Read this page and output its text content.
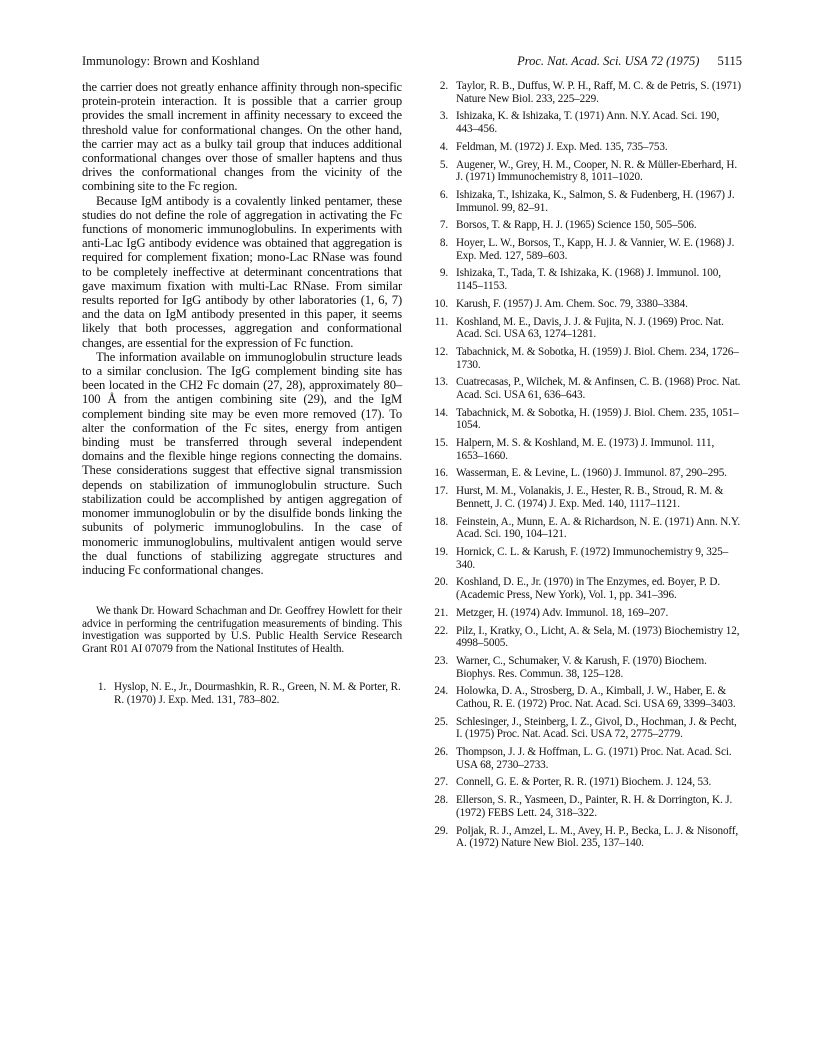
Immunology: Brown and Koshland	Proc. Nat. Acad. Sci. USA 72 (1975) 5115

the carrier does not greatly enhance affinity through non-specific protein-protein interaction. It is possible that a carrier group provides the small increment in affinity necessary to exceed the threshold value for conformational changes. On the other hand, the carrier may act as a bulky tail group that induces additional conformational changes over those of smaller haptens and thus drives the conformational changes from the vicinity of the combining site to the Fc region.

Because IgM antibody is a covalently linked pentamer, these studies do not define the role of aggregation in activating the Fc functions of monomeric immunoglobulins. In experiments with anti-Lac IgG antibody evidence was obtained that aggregation is required for complement fixation; mono-Lac RNase was found to be completely ineffective at determinant concentrations that gave maximum fixation with multi-Lac RNase. From similar results reported for IgG antibody by other laboratories (1, 6, 7) and the data on IgM antibody presented in this paper, it seems likely that both processes, aggregation and conformational changes, are essential for the expression of Fc function.

The information available on immunoglobulin structure leads to a similar conclusion. The IgG complement binding site has been located in the CH2 Fc domain (27, 28), approximately 80–100 Å from the antigen combining site (29), and the IgM complement binding site may be even more removed (17). To alter the conformation of the Fc sites, energy from antigen binding must be transferred through several independent domains and the flexible hinge regions connecting the domains. These considerations suggest that effective signal transmission depends on stabilization of immunoglobulin structure. Such stabilization could be accomplished by antigen aggregation of monomer immunoglobulin or by the disulfide bonds linking the subunits of polymeric immunoglobulins. In the case of monomeric immunoglobulins, multivalent antigen would serve the dual functions of stabilizing aggregate structures and inducing Fc conformational changes.

We thank Dr. Howard Schachman and Dr. Geoffrey Howlett for their advice in performing the centrifugation measurements of binding. This investigation was supported by U.S. Public Health Service Research Grant R01 AI 07079 from the National Institutes of Health.

1. Hyslop, N. E., Jr., Dourmashkin, R. R., Green, N. M. & Porter, R. R. (1970) J. Exp. Med. 131, 783–802.
2. Taylor, R. B., Duffus, W. P. H., Raff, M. C. & de Petris, S. (1971) Nature New Biol. 233, 225–229.
3. Ishizaka, K. & Ishizaka, T. (1971) Ann. N.Y. Acad. Sci. 190, 443–456.
4. Feldman, M. (1972) J. Exp. Med. 135, 735–753.
5. Augener, W., Grey, H. M., Cooper, N. R. & Müller-Eberhard, H. J. (1971) Immunochemistry 8, 1011–1020.
6. Ishizaka, T., Ishizaka, K., Salmon, S. & Fudenberg, H. (1967) J. Immunol. 99, 82–91.
7. Borsos, T. & Rapp, H. J. (1965) Science 150, 505–506.
8. Hoyer, L. W., Borsos, T., Kapp, H. J. & Vannier, W. E. (1968) J. Exp. Med. 127, 589–603.
9. Ishizaka, T., Tada, T. & Ishizaka, K. (1968) J. Immunol. 100, 1145–1153.
10. Karush, F. (1957) J. Am. Chem. Soc. 79, 3380–3384.
11. Koshland, M. E., Davis, J. J. & Fujita, N. J. (1969) Proc. Nat. Acad. Sci. USA 63, 1274–1281.
12. Tabachnick, M. & Sobotka, H. (1959) J. Biol. Chem. 234, 1726–1730.
13. Cuatrecasas, P., Wilchek, M. & Anfinsen, C. B. (1968) Proc. Nat. Acad. Sci. USA 61, 636–643.
14. Tabachnick, M. & Sobotka, H. (1959) J. Biol. Chem. 235, 1051–1054.
15. Halpern, M. S. & Koshland, M. E. (1973) J. Immunol. 111, 1653–1660.
16. Wasserman, E. & Levine, L. (1960) J. Immunol. 87, 290–295.
17. Hurst, M. M., Volanakis, J. E., Hester, R. B., Stroud, R. M. & Bennett, J. C. (1974) J. Exp. Med. 140, 1117–1121.
18. Feinstein, A., Munn, E. A. & Richardson, N. E. (1971) Ann. N.Y. Acad. Sci. 190, 104–121.
19. Hornick, C. L. & Karush, F. (1972) Immunochemistry 9, 325–340.
20. Koshland, D. E., Jr. (1970) in The Enzymes, ed. Boyer, P. D. (Academic Press, New York), Vol. 1, pp. 341–396.
21. Metzger, H. (1974) Adv. Immunol. 18, 169–207.
22. Pilz, I., Kratky, O., Licht, A. & Sela, M. (1973) Biochemistry 12, 4998–5005.
23. Warner, C., Schumaker, V. & Karush, F. (1970) Biochem. Biophys. Res. Commun. 38, 125–128.
24. Holowka, D. A., Strosberg, D. A., Kimball, J. W., Haber, E. & Cathou, R. E. (1972) Proc. Nat. Acad. Sci. USA 69, 3399–3403.
25. Schlesinger, J., Steinberg, I. Z., Givol, D., Hochman, J. & Pecht, I. (1975) Proc. Nat. Acad. Sci. USA 72, 2775–2779.
26. Thompson, J. J. & Hoffman, L. G. (1971) Proc. Nat. Acad. Sci. USA 68, 2730–2733.
27. Connell, G. E. & Porter, R. R. (1971) Biochem. J. 124, 53.
28. Ellerson, S. R., Yasmeen, D., Painter, R. H. & Dorrington, K. J. (1972) FEBS Lett. 24, 318–322.
29. Poljak, R. J., Amzel, L. M., Avey, H. P., Becka, L. J. & Nisonoff, A. (1972) Nature New Biol. 235, 137–140.
